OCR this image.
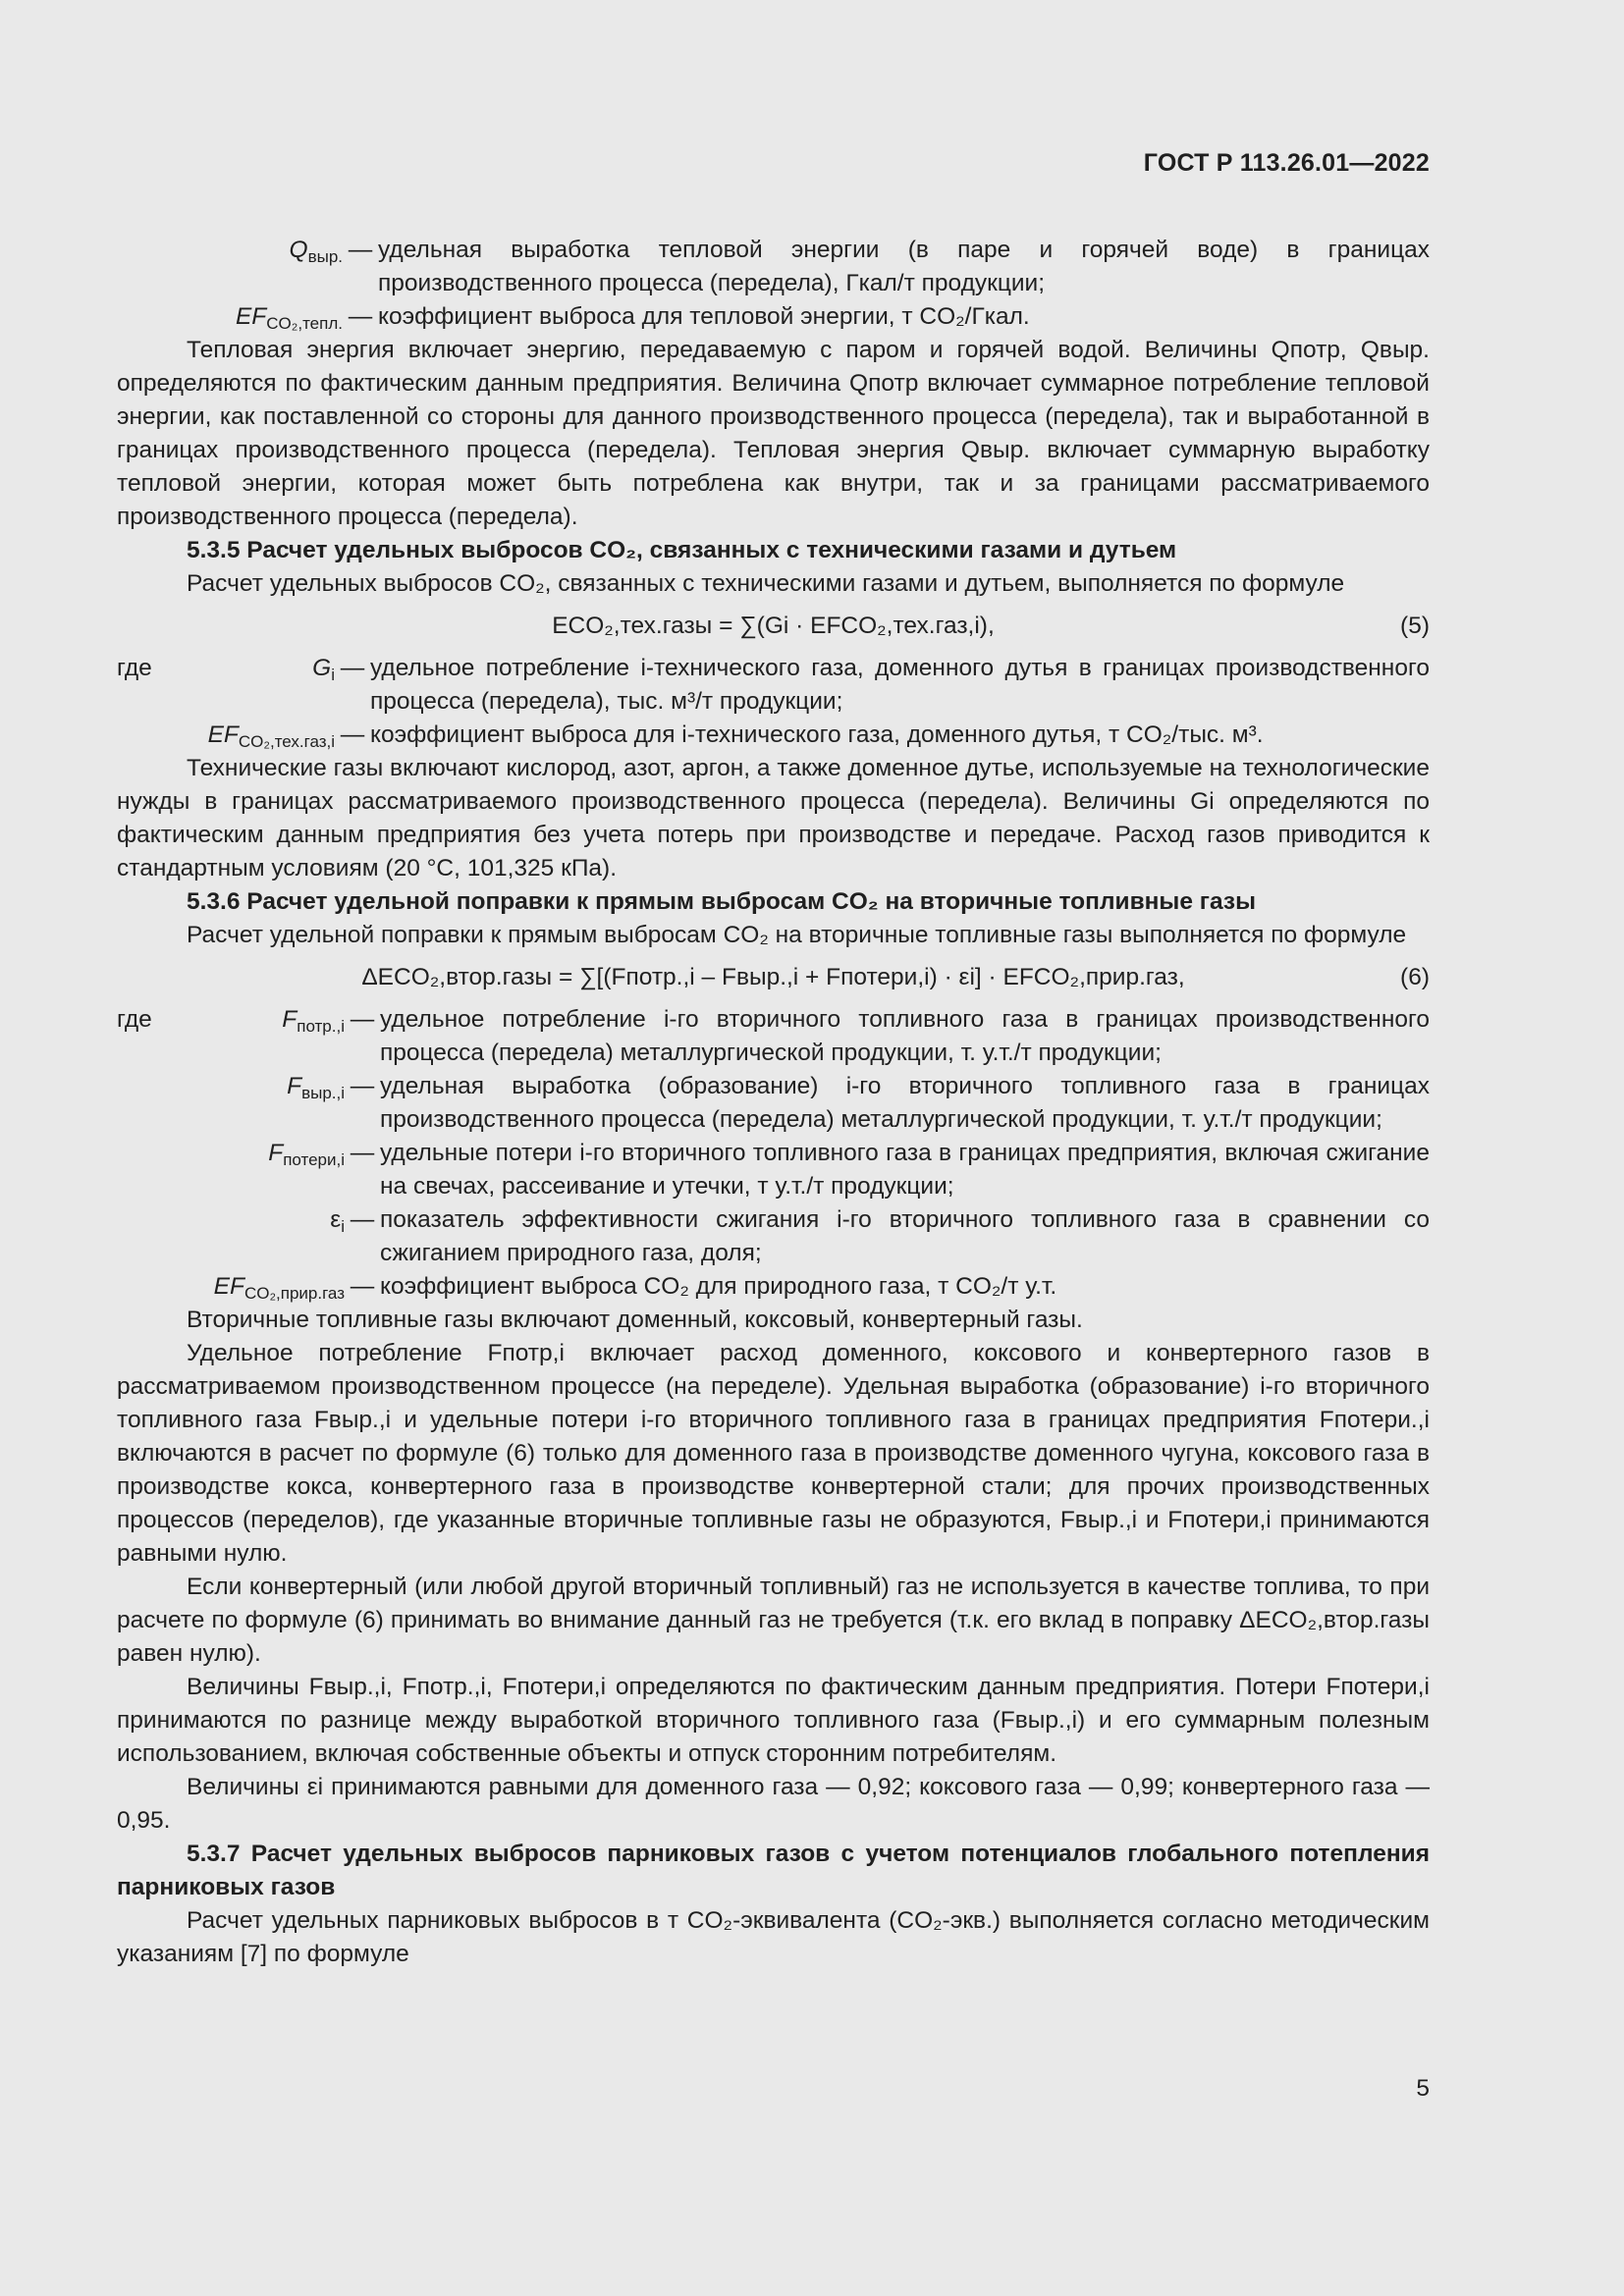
ГОСТ Р 113.26.01—2022
$Q_{выр.}$ — удельная выработка тепловой энергии (в паре и горячей воде) в границах производственного процесса (передела), Гкал/т продукции;
$EF_{CO_2,тепл.}$ — коэффициент выброса для тепловой энергии, т CO₂/Гкал.

Тепловая энергия включает энергию, передаваемую с паром и горячей водой. Величины Qпотр, Qвыр. определяются по фактическим данным предприятия. Величина Qпотр включает суммарное потребление тепловой энергии, как поставленной со стороны для данного производственного процесса (передела), так и выработанной в границах производственного процесса (передела). Тепловая энергия Qвыр. включает суммарную выработку тепловой энергии, которая может быть потреблена как внутри, так и за границами рассматриваемого производственного процесса (передела).

5.3.5 Расчет удельных выбросов CO₂, связанных с техническими газами и дутьем

Расчет удельных выбросов CO₂, связанных с техническими газами и дутьем, выполняется по формуле

ECO₂,тех.газы = ∑(Gi · EFCO₂,тех.газ,i),	(5)
где	$G_i$ — удельное потребление i-технического газа, доменного дутья в границах производственного процесса (передела), тыс. м³/т продукции;
$EF_{CO_2,тех.газ,i}$ — коэффициент выброса для i-технического газа, доменного дутья, т CO₂/тыс. м³.

Технические газы включают кислород, азот, аргон, а также доменное дутье, используемые на технологические нужды в границах рассматриваемого производственного процесса (передела). Величины Gi определяются по фактическим данным предприятия без учета потерь при производстве и передаче. Расход газов приводится к стандартным условиям (20 °С, 101,325 кПа).

5.3.6 Расчет удельной поправки к прямым выбросам CO₂ на вторичные топливные газы

Расчет удельной поправки к прямым выбросам CO₂ на вторичные топливные газы выполняется по формуле

ΔECO₂,втор.газы = ∑[(Fпотр.,i – Fвыр.,i + Fпотери,i) · εi] · EFCO₂,прир.газ,	(6)
где	$F_{потр.,i}$ — удельное потребление i-го вторичного топливного газа в границах производственного процесса (передела) металлургической продукции, т. у.т./т продукции;
$F_{выр.,i}$ — удельная выработка (образование) i-го вторичного топливного газа в границах производственного процесса (передела) металлургической продукции, т. у.т./т продукции;
$F_{потери,i}$ — удельные потери i-го вторичного топливного газа в границах предприятия, включая сжигание на свечах, рассеивание и утечки, т у.т./т продукции;
$\varepsilon_i$ — показатель эффективности сжигания i-го вторичного топливного газа в сравнении со сжиганием природного газа, доля;
$EF_{CO_2,прир.газ}$ — коэффициент выброса CO₂ для природного газа, т CO₂/т у.т.

Вторичные топливные газы включают доменный, коксовый, конвертерный газы.

Удельное потребление Fпотр,i включает расход доменного, коксового и конвертерного газов в рассматриваемом производственном процессе (на переделе). Удельная выработка (образование) i-го вторичного топливного газа Fвыр.,i и удельные потери i-го вторичного топливного газа в границах предприятия Fпотери.,i включаются в расчет по формуле (6) только для доменного газа в производстве доменного чугуна, коксового газа в производстве кокса, конвертерного газа в производстве конвертерной стали; для прочих производственных процессов (переделов), где указанные вторичные топливные газы не образуются, Fвыр.,i и Fпотери,i принимаются равными нулю.

Если конвертерный (или любой другой вторичный топливный) газ не используется в качестве топлива, то при расчете по формуле (6) принимать во внимание данный газ не требуется (т.к. его вклад в поправку ΔECO₂,втор.газы равен нулю).

Величины Fвыр.,i, Fпотр.,i, Fпотери,i определяются по фактическим данным предприятия. Потери Fпотери,i принимаются по разнице между выработкой вторичного топливного газа (Fвыр.,i) и его суммарным полезным использованием, включая собственные объекты и отпуск сторонним потребителям.

Величины εi принимаются равными для доменного газа — 0,92; коксового газа — 0,99; конвертерного газа — 0,95.

5.3.7 Расчет удельных выбросов парниковых газов с учетом потенциалов глобального потепления парниковых газов

Расчет удельных парниковых выбросов в т CO₂-эквивалента (CO₂-экв.) выполняется согласно методическим указаниям [7] по формуле

5
